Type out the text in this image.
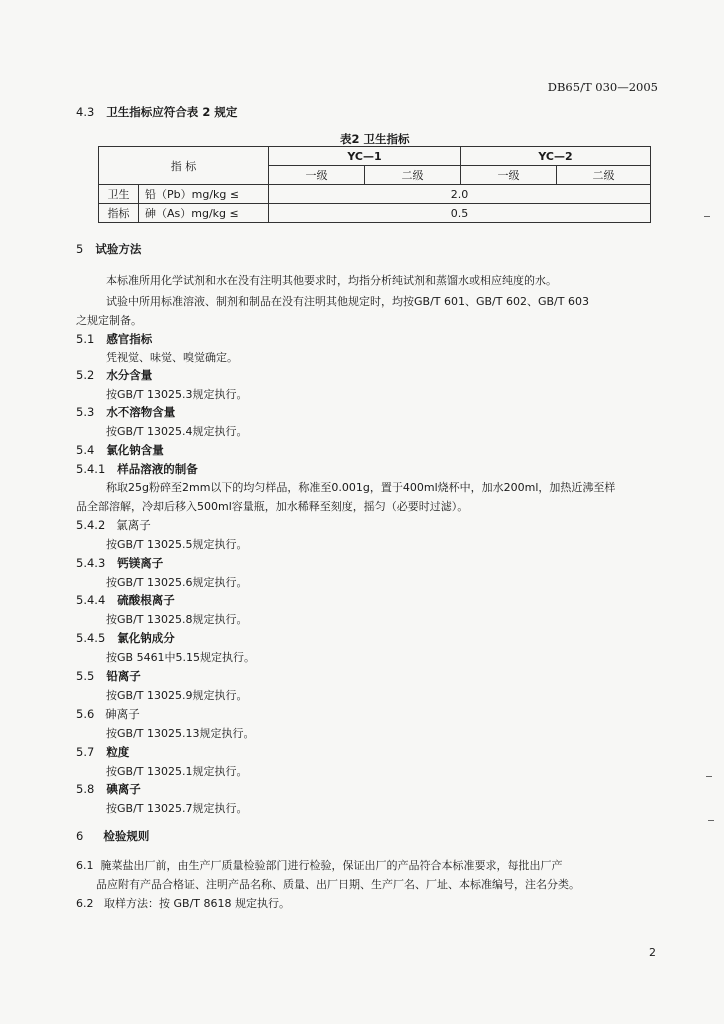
DB65/T 030—2005
4.3 卫生指标应符合表 2 规定
表2 卫生指标
指 标		YC—1		YC—2	
		一级	二级	一级	二级
卫生	铅（Pb）mg/kg ≤	2.0			
指标	砷（As）mg/kg ≤	0.5			
5 试验方法
本标准所用化学试剂和水在没有注明其他要求时，均指分析纯试剂和蒸馏水或相应纯度的水。
试验中所用标准溶液、制剂和制品在没有注明其他规定时，均按GB/T 601、GB/T 602、GB/T 603
之规定制备。
5.1 感官指标
凭视觉、味觉、嗅觉确定。
5.2 水分含量
按GB/T 13025.3规定执行。
5.3 水不溶物含量
按GB/T 13025.4规定执行。
5.4 氯化钠含量
5.4.1 样品溶液的制备
称取25g粉碎至2mm以下的均匀样品，称准至0.001g，置于400ml烧杯中，加水200ml，加热近沸至样
品全部溶解，冷却后移入500ml容量瓶，加水稀释至刻度，摇匀（必要时过滤）。
5.4.2 氯离子
按GB/T 13025.5规定执行。
5.4.3 钙镁离子
按GB/T 13025.6规定执行。
5.4.4 硫酸根离子
按GB/T 13025.8规定执行。
5.4.5 氯化钠成分
按GB 5461中5.15规定执行。
5.5 铅离子
按GB/T 13025.9规定执行。
5.6 砷离子
按GB/T 13025.13规定执行。
5.7 粒度
按GB/T 13025.1规定执行。
5.8 碘离子
按GB/T 13025.7规定执行。
6 检验规则
6.1 腌菜盐出厂前，由生产厂质量检验部门进行检验，保证出厂的产品符合本标准要求，每批出厂产
品应附有产品合格证、注明产品名称、质量、出厂日期、生产厂名、厂址、本标准编号，注名分类。
6.2 取样方法：按 GB/T 8618 规定执行。
2
